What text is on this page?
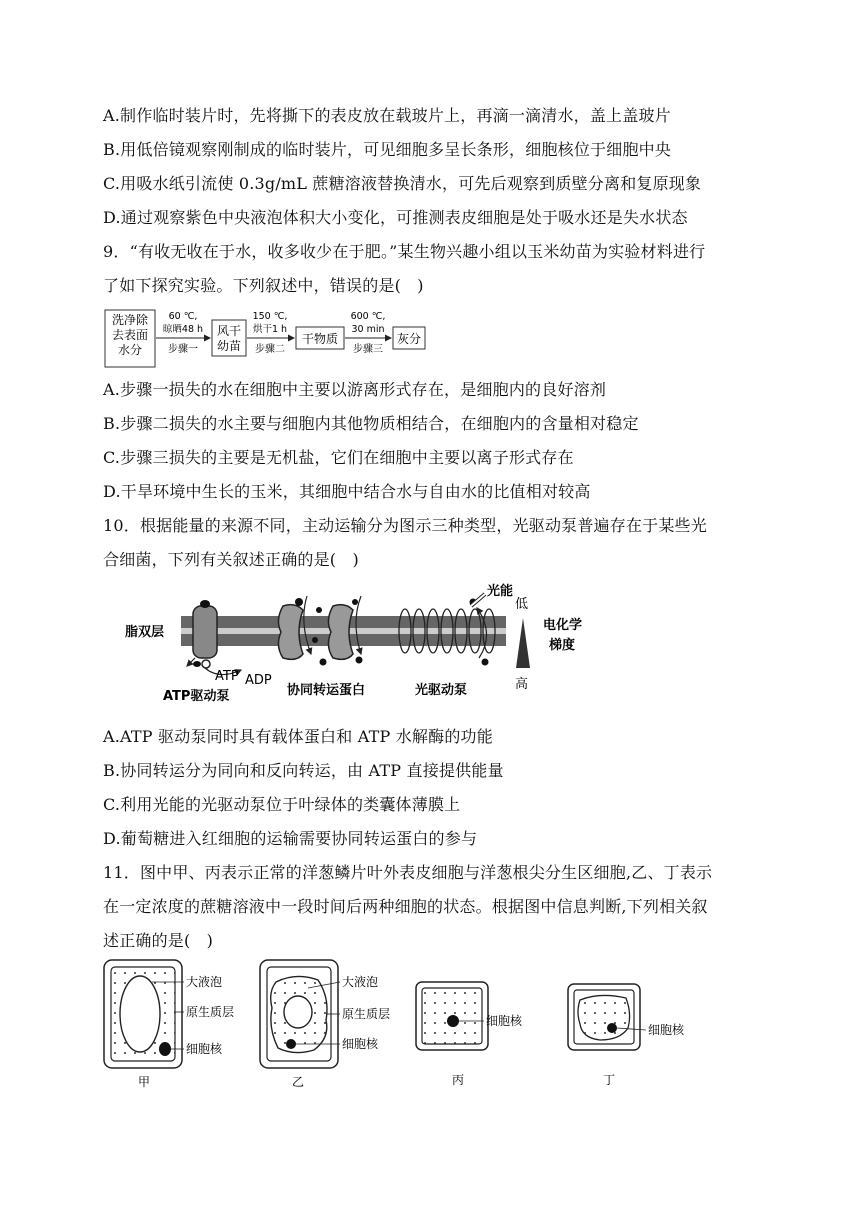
A.制作临时装片时，先将撕下的表皮放在载玻片上，再滴一滴清水，盖上盖玻片
B.用低倍镜观察刚制成的临时装片，可见细胞多呈长条形，细胞核位于细胞中央
C.用吸水纸引流使 0.3g/mL 蔗糖溶液替换清水，可先后观察到质壁分离和复原现象
D.通过观察紫色中央液泡体积大小变化，可推测表皮细胞是处于吸水还是失水状态
9．“有收无收在于水，收多收少在于肥。”某生物兴趣小组以玉米幼苗为实验材料进行
了如下探究实验。下列叙述中，错误的是(　)
洗净除
去表面
水分
60 ℃,
晾晒48 h
步骤一
风干
幼苗
150 ℃,
烘干1 h
步骤二
干物质
600 ℃,
30 min
步骤三
灰分
A.步骤一损失的水在细胞中主要以游离形式存在，是细胞内的良好溶剂
B.步骤二损失的水主要与细胞内其他物质相结合，在细胞内的含量相对稳定
C.步骤三损失的主要是无机盐，它们在细胞中主要以离子形式存在
D.干旱环境中生长的玉米，其细胞中结合水与自由水的比值相对较高
10．根据能量的来源不同，主动运输分为图示三种类型，光驱动泵普遍存在于某些光
合细菌，下列有关叙述正确的是(　)
脂双层
ATP ADP
ATP驱动泵	协同转运蛋白
光能
光驱动泵
低
高
电化学
梯度
A.ATP 驱动泵同时具有载体蛋白和 ATP 水解酶的功能
B.协同转运分为同向和反向转运，由 ATP 直接提供能量
C.利用光能的光驱动泵位于叶绿体的类囊体薄膜上
D.葡萄糖进入红细胞的运输需要协同转运蛋白的参与
11．图中甲、丙表示正常的洋葱鳞片叶外表皮细胞与洋葱根尖分生区细胞,乙、丁表示
在一定浓度的蔗糖溶液中一段时间后两种细胞的状态。根据图中信息判断,下列相关叙
述正确的是(　)
大液泡
原生质层
细胞核
甲
大液泡
原生质层
细胞核
乙
细胞核
丙
细胞核
丁
